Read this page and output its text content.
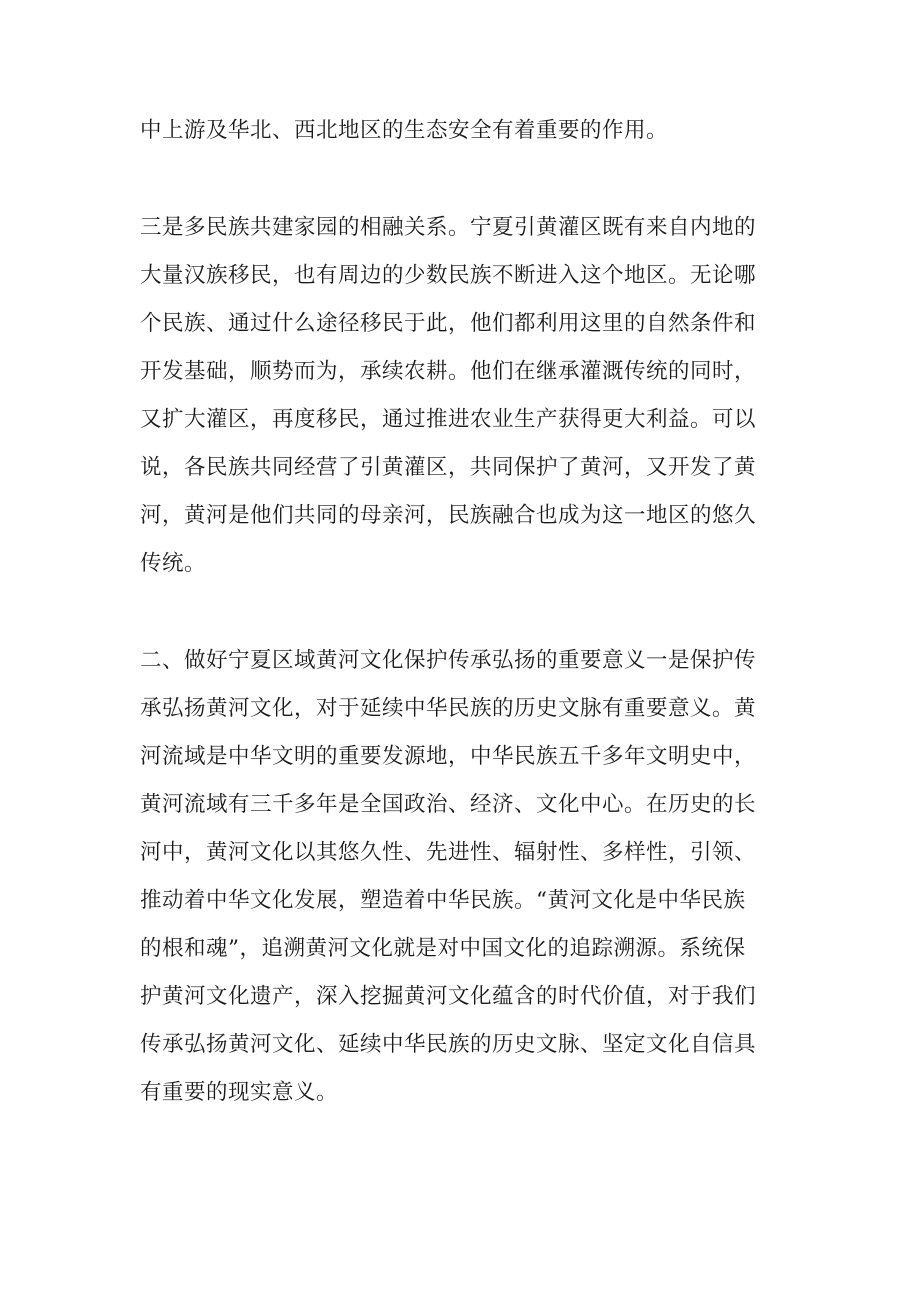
中上游及华北、西北地区的生态安全有着重要的作用。

三是多民族共建家园的相融关系。宁夏引黄灌区既有来自内地的

大量汉族移民，也有周边的少数民族不断进入这个地区。无论哪

个民族、通过什么途径移民于此，他们都利用这里的自然条件和

开发基础，顺势而为，承续农耕。他们在继承灌溉传统的同时，

又扩大灌区，再度移民，通过推进农业生产获得更大利益。可以

说，各民族共同经营了引黄灌区，共同保护了黄河，又开发了黄

河，黄河是他们共同的母亲河，民族融合也成为这一地区的悠久

传统。

二、做好宁夏区域黄河文化保护传承弘扬的重要意义一是保护传

承弘扬黄河文化，对于延续中华民族的历史文脉有重要意义。黄

河流域是中华文明的重要发源地，中华民族五千多年文明史中，

黄河流域有三千多年是全国政治、经济、文化中心。在历史的长

河中，黄河文化以其悠久性、先进性、辐射性、多样性，引领、

推动着中华文化发展，塑造着中华民族。“黄河文化是中华民族

的根和魂”，追溯黄河文化就是对中国文化的追踪溯源。系统保

护黄河文化遗产，深入挖掘黄河文化蕴含的时代价值，对于我们

传承弘扬黄河文化、延续中华民族的历史文脉、坚定文化自信具

有重要的现实意义。
